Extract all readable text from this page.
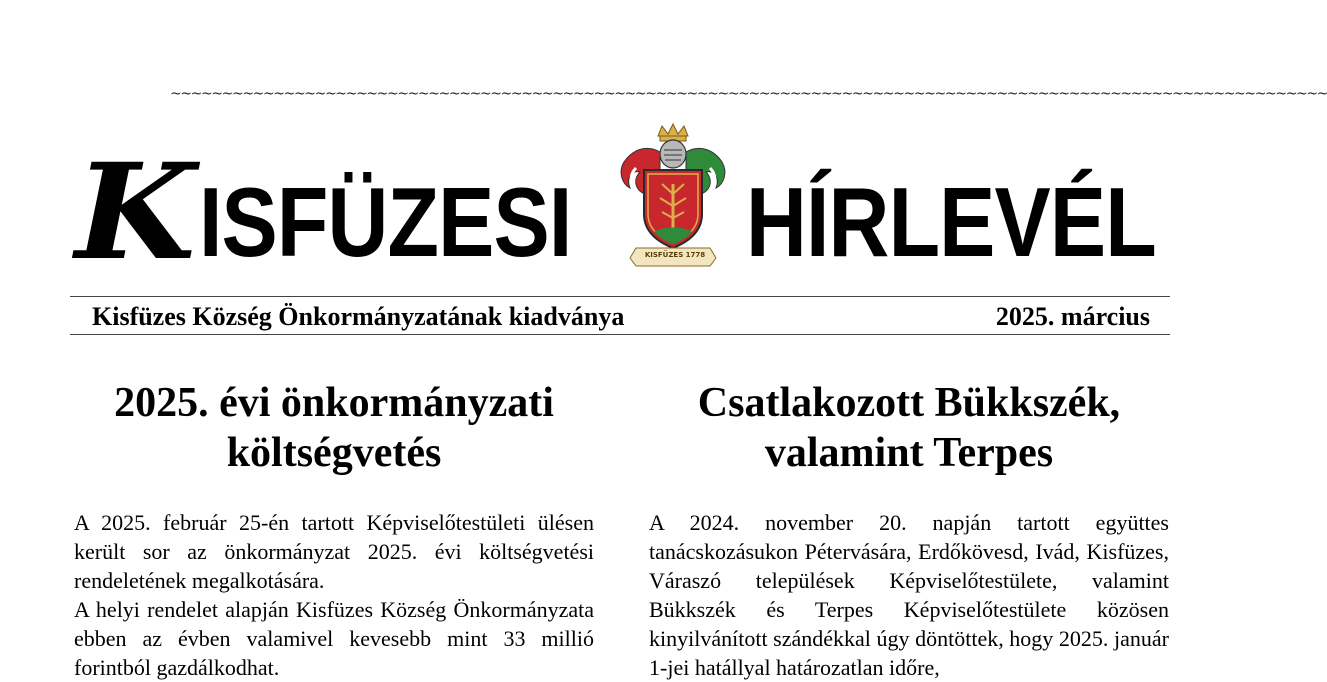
~~~~~~~~~~~~~~~~~~~~~~~~~~~~~~~~~~~~~~~~~~~~~~~~~~~~~~~~~~~~~~~~~~~~~~~~~~~~~~~~~~~~~~~~~~~~~~~~~~~~~~~~~~~~~~~~
K ISFÜZESI	KISFÜZES 1778 HÍRLEVÉL
Kisfüzes Község Önkormányzatának kiadványa	2025. március
2025. évi önkormányzati
költségvetés

A 2025. február 25-én tartott Képviselőtestületi ülésen került sor az önkormányzat 2025. évi költségvetési rendeletének megalkotására.

A helyi rendelet alapján Kisfüzes Község Önkormányzata ebben az évben valamivel kevesebb mint 33 millió forintból gazdálkodhat.

Csatlakozott Bükkszék,
valamint Terpes

A 2024. november 20. napján tartott együttes tanácskozásukon Pétervására, Erdőkövesd, Ivád, Kisfüzes, Váraszó települések Képviselőtestülete, valamint Bükkszék és Terpes Képviselőtestülete közösen kinyilvánított szándékkal úgy döntöttek, hogy 2025. január 1-jei hatállyal határozatlan időre,
